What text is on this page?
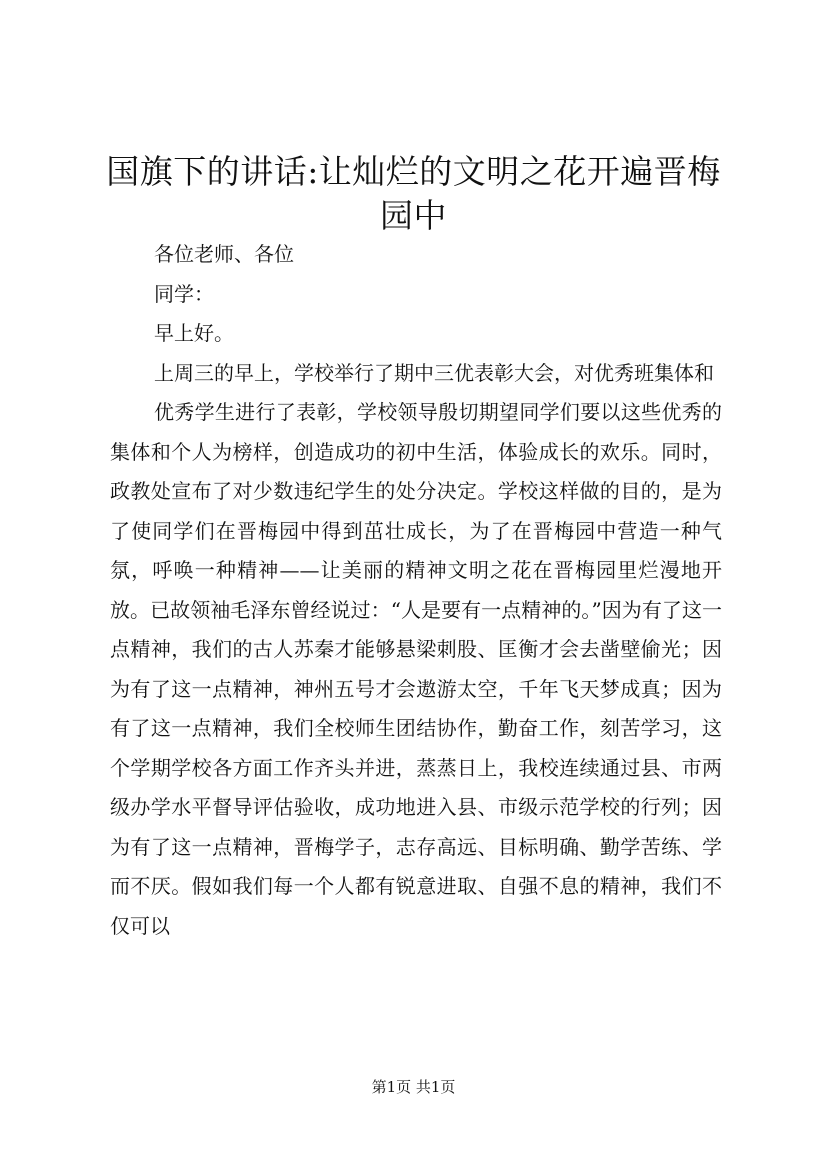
国旗下的讲话:让灿烂的文明之花开遍晋梅园中

各位老师、各位

同学：

早上好。

上周三的早上，学校举行了期中三优表彰大会，对优秀班集体和

优秀学生进行了表彰，学校领导殷切期望同学们要以这些优秀的集体和个人为榜样，创造成功的初中生活，体验成长的欢乐。同时，政教处宣布了对少数违纪学生的处分决定。学校这样做的目的，是为了使同学们在晋梅园中得到茁壮成长，为了在晋梅园中营造一种气氛，呼唤一种精神——让美丽的精神文明之花在晋梅园里烂漫地开放。已故领袖毛泽东曾经说过：“人是要有一点精神的。”因为有了这一点精神，我们的古人苏秦才能够悬梁刺股、匡衡才会去凿壁偷光；因为有了这一点精神，神州五号才会遨游太空，千年飞天梦成真；因为有了这一点精神，我们全校师生团结协作，勤奋工作，刻苦学习，这个学期学校各方面工作齐头并进，蒸蒸日上，我校连续通过县、市两级办学水平督导评估验收，成功地进入县、市级示范学校的行列；因为有了这一点精神，晋梅学子，志存高远、目标明确、勤学苦练、学而不厌。假如我们每一个人都有锐意进取、自强不息的精神，我们不仅可以

第1页 共1页
